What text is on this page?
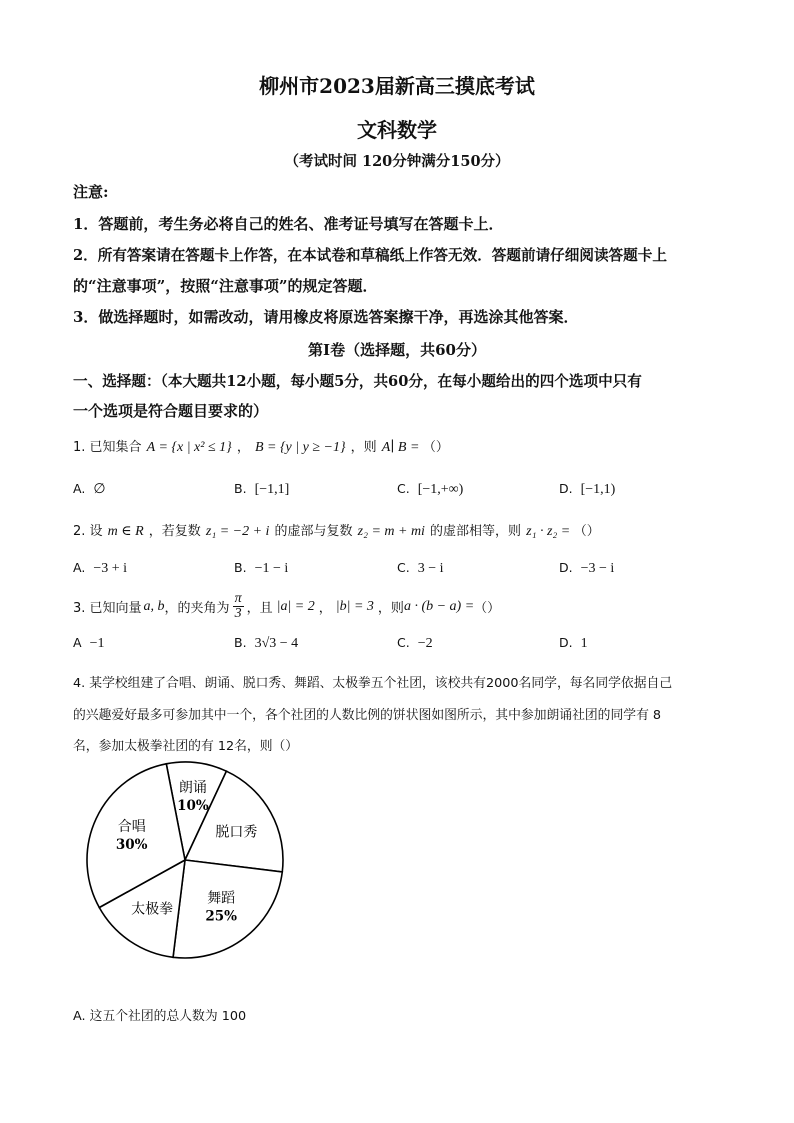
柳州市2023届新高三摸底考试
文科数学
（考试时间 120分钟满分150分）
注意:
1．答题前，考生务必将自己的姓名、准考证号填写在答题卡上．
2．所有答案请在答题卡上作答，在本试卷和草稿纸上作答无效．答题前请仔细阅读答题卡上
的“注意事项”，按照“注意事项”的规定答题．
3．做选择题时，如需改动，请用橡皮将原选答案擦干净，再选涂其他答案．
第Ⅰ卷（选择题，共60分）
一、选择题：（本大题共12小题，每小题5分，共60分，在每小题给出的四个选项中只有
一个选项是符合题目要求的）
1. 已知集合 A = {x | x² ≤ 1} ， B = {y | y ≥ −1} ，则 A∣ B = （）
A. ∅	B. [−1,1]	C. [−1,+∞)	D. [−1,1)
2. 设 m ∈ R ，若复数 z₁ = −2 + i 的虚部与复数 z₂ = m + mi 的虚部相等，则 z₁ · z₂ = （）
A. −3 + i	B. −1 − i	C. 3 − i	D. −3 − i
3. 已知向量 a, b ，的夹角为 $\frac{\pi}{3}$ ，且 |a| = 2 ， |b| = 3 ，则 a · (b − a) = （）
A −1	B. 3√3 − 4	C. −2	D. 1
4. 某学校组建了合唱、朗诵、脱口秀、舞蹈、太极拳五个社团，该校共有2000名同学，每名同学依据自己
的兴趣爱好最多可参加其中一个，各个社团的人数比例的饼状图如图所示，其中参加朗诵社团的同学有 8
名，参加太极拳社团的有 12名，则（）
朗诵
10%
脱口秀
舞蹈
25%
太极拳
合唱
30%
A. 这五个社团的总人数为 100
